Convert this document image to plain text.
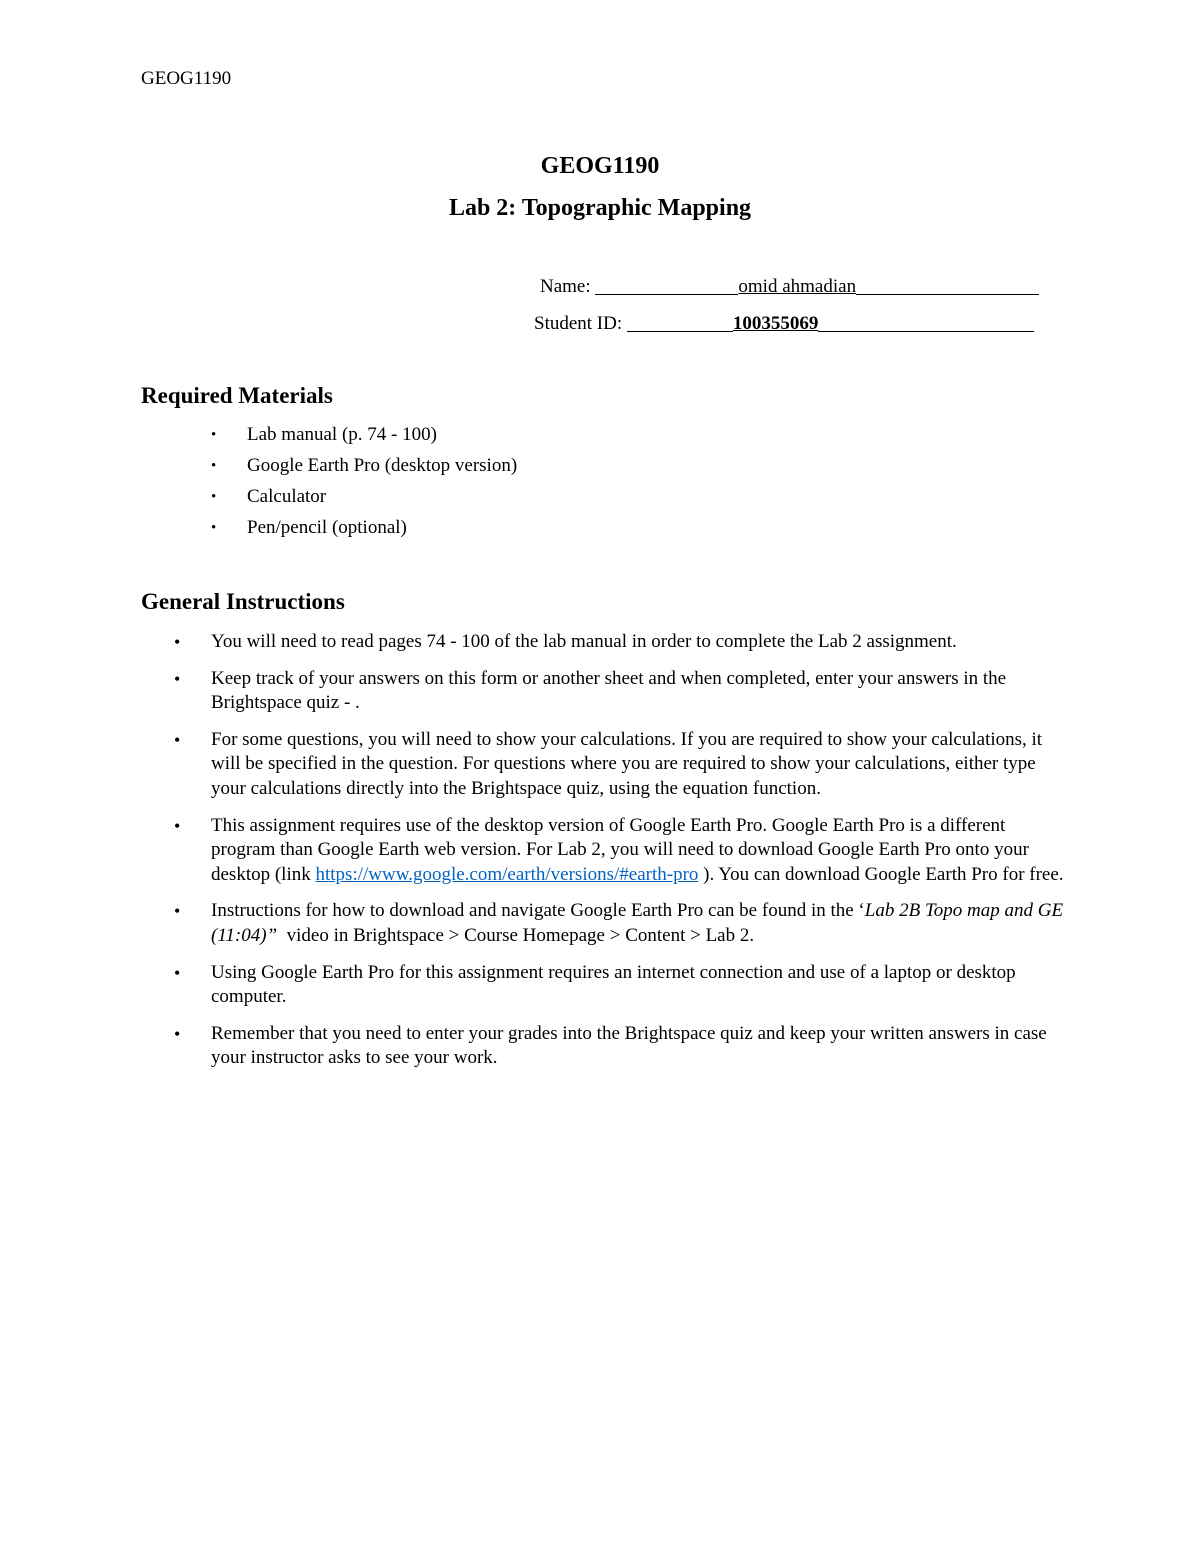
GEOG1190
GEOG1190
Lab 2: Topographic Mapping
Name:	omid ahmadian
Student ID:	100355069
Required Materials
• Lab manual (p. 74 - 100)
• Google Earth Pro (desktop version)
• Calculator
• Pen/pencil (optional)
General Instructions
• You will need to read pages 74 - 100 of the lab manual in order to complete the Lab 2 assignment.
• Keep track of your answers on this form or another sheet and when completed, enter your answers in the Brightspace quiz - .
• For some questions, you will need to show your calculations. If you are required to show your calculations, it will be specified in the question. For questions where you are required to show your calculations, either type your calculations directly into the Brightspace quiz, using the equation function.
• This assignment requires use of the desktop version of Google Earth Pro. Google Earth Pro is a different program than Google Earth web version. For Lab 2, you will need to download Google Earth Pro onto your desktop (link https://www.google.com/earth/versions/#earth-pro ). You can download Google Earth Pro for free.
• Instructions for how to download and navigate Google Earth Pro can be found in the ‘Lab 2B Topo map and GE (11:04)”  video in Brightspace > Course Homepage > Content > Lab 2.
• Using Google Earth Pro for this assignment requires an internet connection and use of a laptop or desktop computer.
• Remember that you need to enter your grades into the Brightspace quiz and keep your written answers in case your instructor asks to see your work.
